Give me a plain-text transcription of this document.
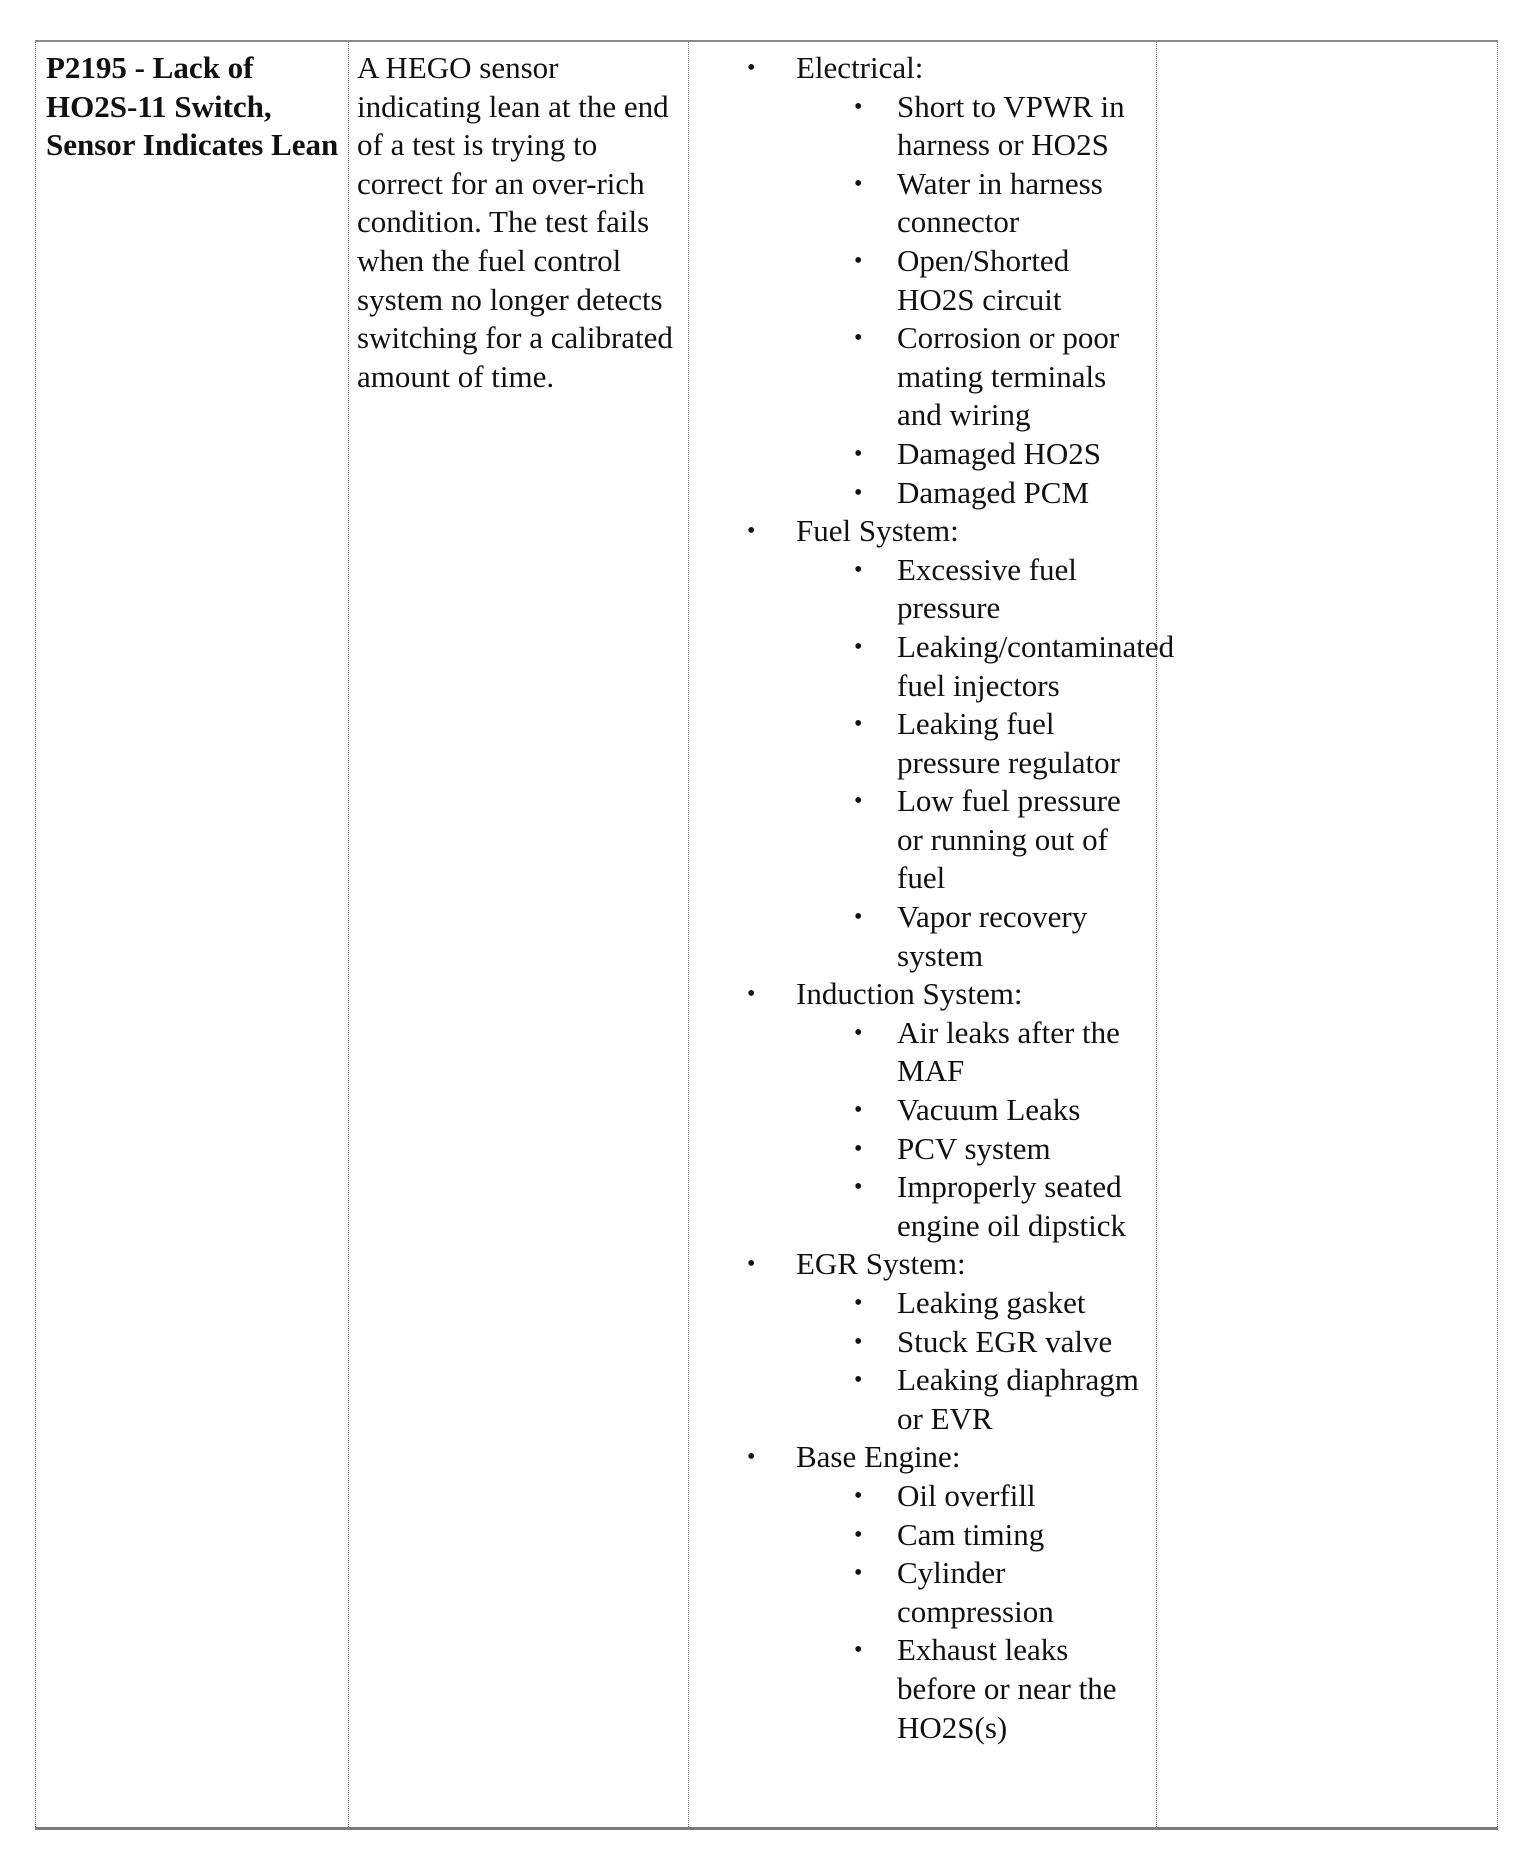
P2195 - Lack of HO2S-11 Switch, Sensor Indicates Lean

A HEGO sensor indicating lean at the end of a test is trying to correct for an over-rich condition. The test fails when the fuel control system no longer detects switching for a calibrated amount of time.

• Electrical:
• Short to VPWR in harness or HO2S
• Water in harness connector
• Open/Shorted HO2S circuit
• Corrosion or poor mating terminals and wiring
• Damaged HO2S
• Damaged PCM
• Fuel System:
• Excessive fuel pressure
• Leaking/contaminated fuel injectors
• Leaking fuel pressure regulator
• Low fuel pressure or running out of fuel
• Vapor recovery system
• Induction System:
• Air leaks after the MAF
• Vacuum Leaks
• PCV system
• Improperly seated engine oil dipstick
• EGR System:
• Leaking gasket
• Stuck EGR valve
• Leaking diaphragm or EVR
• Base Engine:
• Oil overfill
• Cam timing
• Cylinder compression
• Exhaust leaks before or near the HO2S(s)
